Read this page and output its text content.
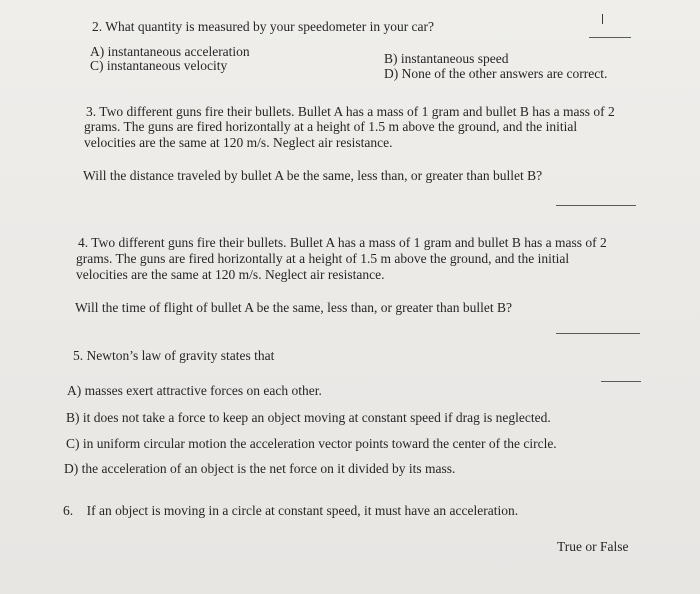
2. What quantity is measured by your speedometer in your car?
A) instantaneous acceleration
C) instantaneous velocity	B) instantaneous speed
D) None of the other answers are correct.
3. Two different guns fire their bullets. Bullet A has a mass of 1 gram and bullet B has a mass of 2
grams. The guns are fired horizontally at a height of 1.5 m above the ground, and the initial
velocities are the same at 120 m/s. Neglect air resistance.
Will the distance traveled by bullet A be the same, less than, or greater than bullet B?
4. Two different guns fire their bullets. Bullet A has a mass of 1 gram and bullet B has a mass of 2
grams. The guns are fired horizontally at a height of 1.5 m above the ground, and the initial
velocities are the same at 120 m/s. Neglect air resistance.
Will the time of flight of bullet A be the same, less than, or greater than bullet B?
5. Newton’s law of gravity states that
A) masses exert attractive forces on each other.
B) it does not take a force to keep an object moving at constant speed if drag is neglected.
C) in uniform circular motion the acceleration vector points toward the center of the circle.
D) the acceleration of an object is the net force on it divided by its mass.
6. If an object is moving in a circle at constant speed, it must have an acceleration.
True or False
